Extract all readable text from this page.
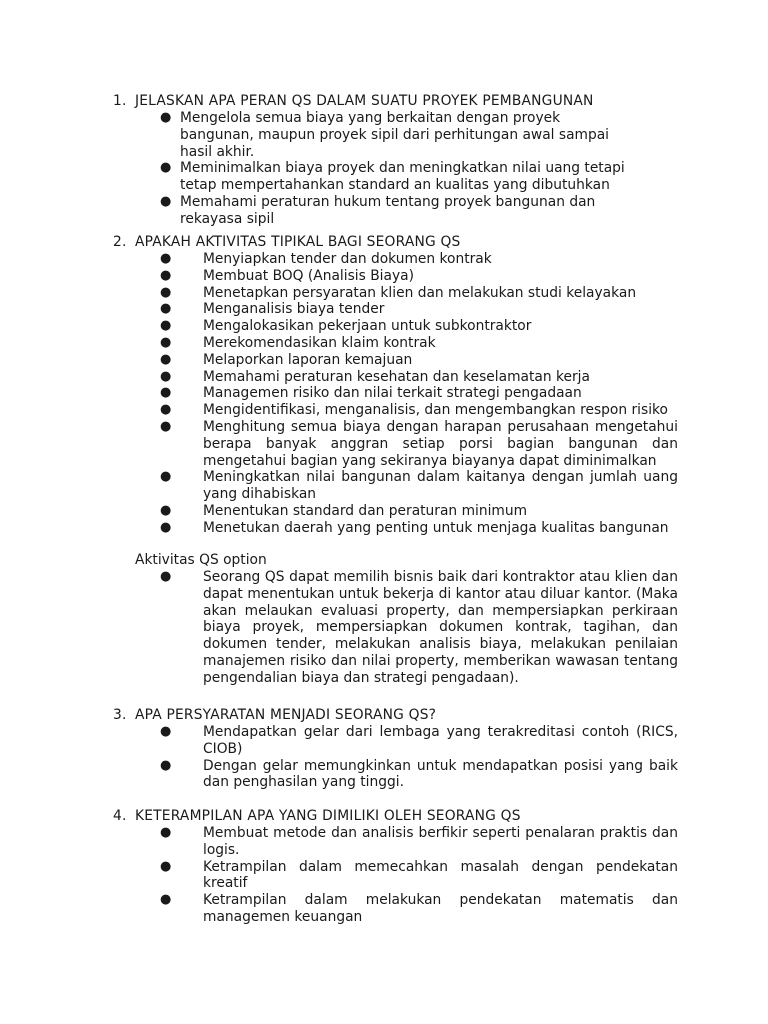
1. JELASKAN APA PERAN QS DALAM SUATU PROYEK PEMBANGUNAN
● Mengelola semua biaya yang berkaitan dengan proyek bangunan, maupun proyek sipil dari perhitungan awal sampai hasil akhir.
● Meminimalkan biaya proyek dan meningkatkan nilai uang tetapi tetap mempertahankan standard an kualitas yang dibutuhkan
● Memahami peraturan hukum tentang proyek bangunan dan rekayasa sipil
2. APAKAH AKTIVITAS TIPIKAL BAGI SEORANG QS
● Menyiapkan tender dan dokumen kontrak
● Membuat BOQ (Analisis Biaya)
● Menetapkan persyaratan klien dan melakukan studi kelayakan
● Menganalisis biaya tender
● Mengalokasikan pekerjaan untuk subkontraktor
● Merekomendasikan klaim kontrak
● Melaporkan laporan kemajuan
● Memahami peraturan kesehatan dan keselamatan kerja
● Managemen risiko dan nilai terkait strategi pengadaan
● Mengidentifikasi, menganalisis, dan mengembangkan respon risiko
● Menghitung semua biaya dengan harapan perusahaan mengetahui berapa banyak anggran setiap porsi bagian bangunan dan mengetahui bagian yang sekiranya biayanya dapat diminimalkan
● Meningkatkan nilai bangunan dalam kaitanya dengan jumlah uang yang dihabiskan
● Menentukan standard dan peraturan minimum
● Menetukan daerah yang penting untuk menjaga kualitas bangunan
Aktivitas QS option
● Seorang QS dapat memilih bisnis baik dari kontraktor atau klien dan dapat menentukan untuk bekerja di kantor atau diluar kantor. (Maka akan melaukan evaluasi property, dan mempersiapkan perkiraan biaya proyek, mempersiapkan dokumen kontrak, tagihan, dan dokumen tender, melakukan analisis biaya, melakukan penilaian manajemen risiko dan nilai property, memberikan wawasan tentang pengendalian biaya dan strategi pengadaan).
3. APA PERSYARATAN MENJADI SEORANG QS?
● Mendapatkan gelar dari lembaga yang terakreditasi contoh (RICS, CIOB)
● Dengan gelar memungkinkan untuk mendapatkan posisi yang baik dan penghasilan yang tinggi.
4. KETERAMPILAN APA YANG DIMILIKI OLEH SEORANG QS
● Membuat metode dan analisis berfikir seperti penalaran praktis dan logis.
● Ketrampilan dalam memecahkan masalah dengan pendekatan kreatif
● Ketrampilan dalam melakukan pendekatan matematis dan managemen keuangan
